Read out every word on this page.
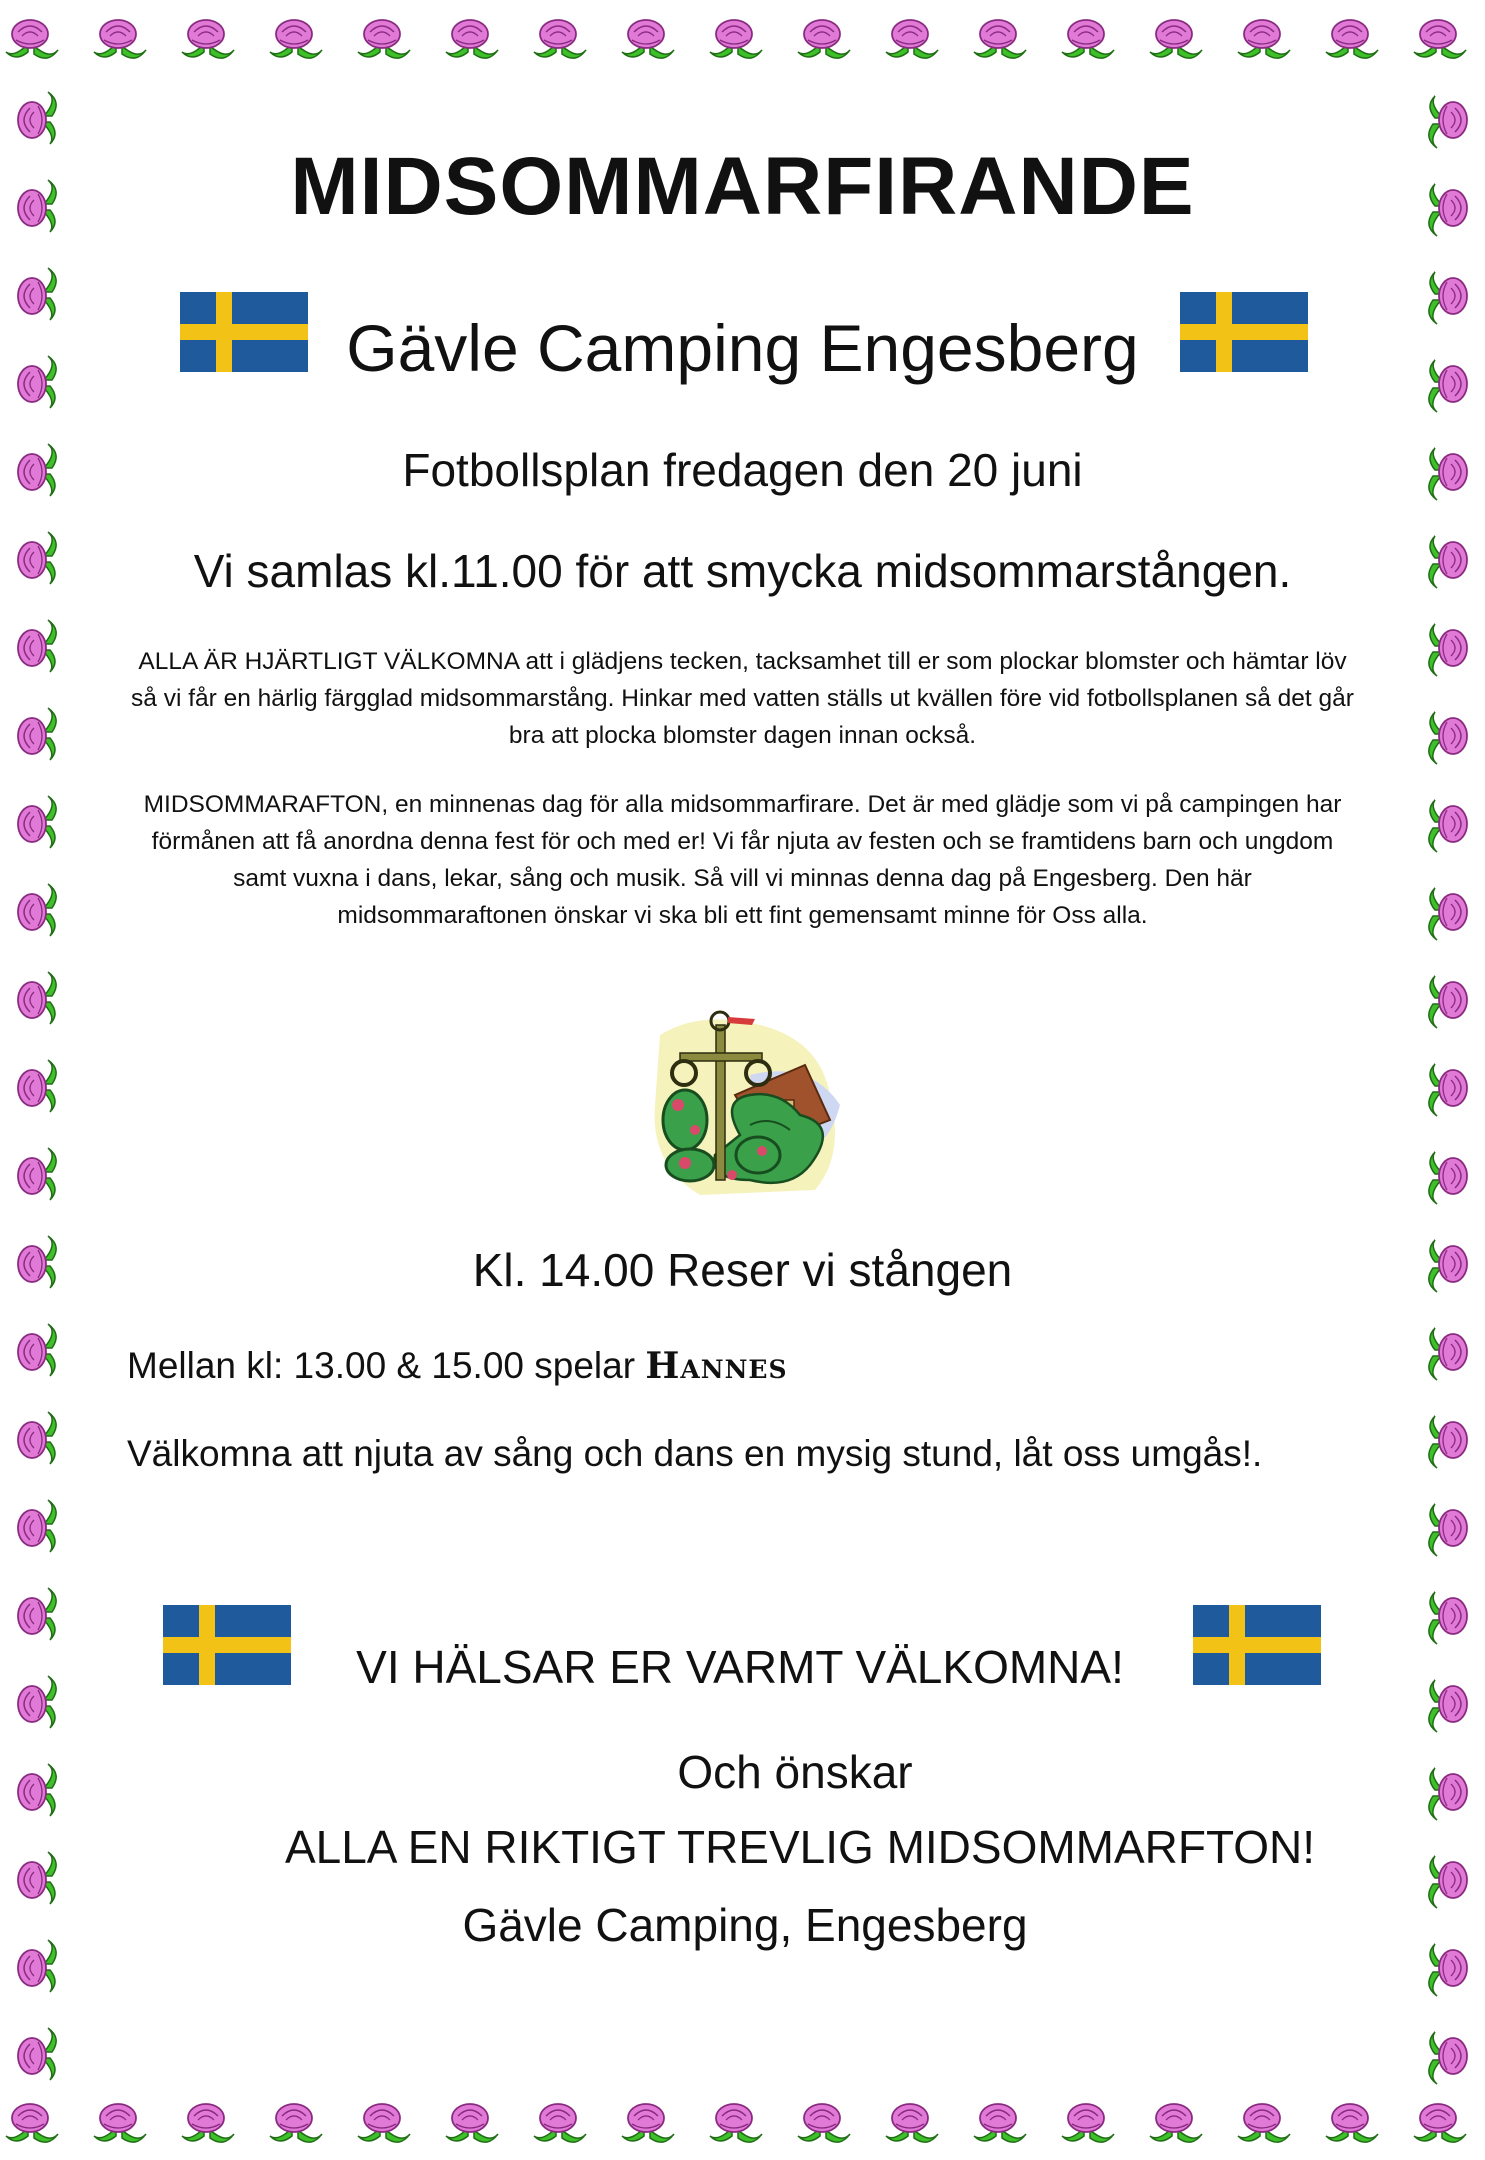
MIDSOMMARFIRANDE
Gävle Camping Engesberg
Fotbollsplan fredagen den 20 juni
Vi samlas kl.11.00 för att smycka midsommarstången.
ALLA ÄR HJÄRTLIGT VÄLKOMNA att i glädjens tecken, tacksamhet till er som plockar blomster och hämtar löv så vi får en härlig färgglad midsommarstång. Hinkar med vatten ställs ut kvällen före vid fotbollsplanen så det går bra att plocka blomster dagen innan också.
MIDSOMMARAFTON, en minnenas dag för alla midsommarfirare. Det är med glädje som vi på campingen har förmånen att få anordna denna fest för och med er! Vi får njuta av festen och se framtidens barn och ungdom samt vuxna i dans, lekar, sång och musik. Så vill vi minnas denna dag på Engesberg. Den här midsommaraftonen önskar vi ska bli ett fint gemensamt minne för Oss alla.
Kl. 14.00 Reser vi stången
Mellan kl: 13.00 & 15.00 spelar Hannes
Välkomna att njuta av sång och dans en mysig stund, låt oss umgås!.
VI HÄLSAR ER VARMT VÄLKOMNA!
Och önskar
ALLA EN RIKTIGT TREVLIG MIDSOMMARFTON!
Gävle Camping, Engesberg
